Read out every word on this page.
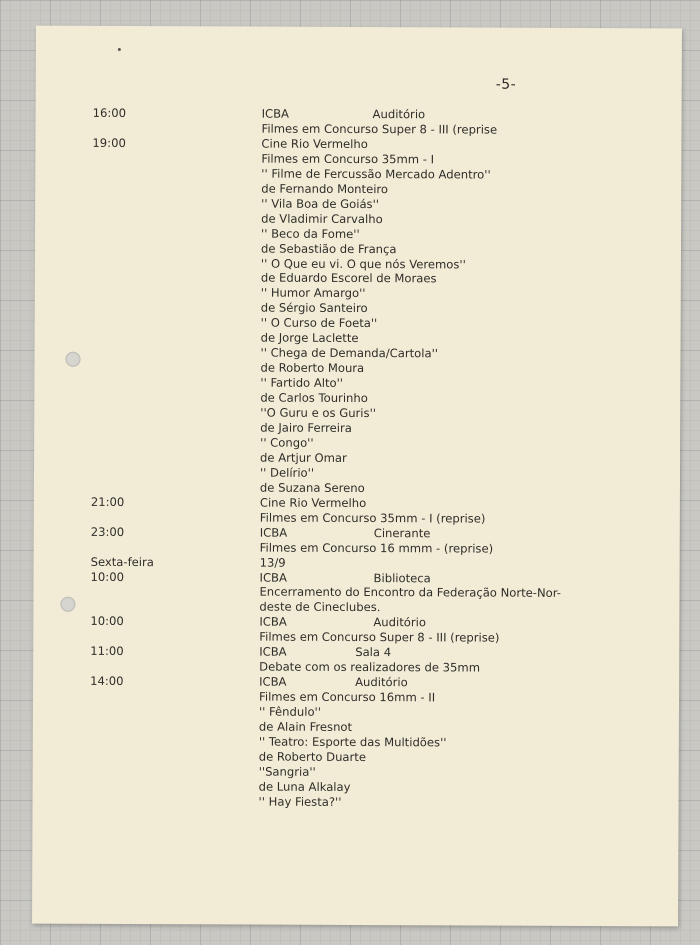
-5-
16:00	ICBA	Auditório
Filmes em Concurso Super 8 - III (reprise
19:00	Cine Rio Vermelho
Filmes em Concurso 35mm - I
'' Filme de Fercussão Mercado Adentro''
de Fernando Monteiro
'' Vila Boa de Goiás''
de Vladimir Carvalho
'' Beco da Fome''
de Sebastião de França
'' O Que eu vi. O que nós Veremos''
de Eduardo Escorel de Moraes
'' Humor Amargo''
de Sérgio Santeiro
'' O Curso de Foeta''
de Jorge Laclette
'' Chega de Demanda/Cartola''
de Roberto Moura
'' Fartido Alto''
de Carlos Tourinho
''O Guru e os Guris''
de Jairo Ferreira
'' Congo''
de Artjur Omar
'' Delírio''
de Suzana Sereno
21:00	Cine Rio Vermelho
Filmes em Concurso 35mm - I (reprise)
23:00	ICBA	Cinerante
Filmes em Concurso 16 mmm - (reprise)
Sexta-feira	13/9
10:00	ICBA	Biblioteca
Encerramento do Encontro da Federação Norte-Nor-
deste de Cineclubes.
10:00	ICBA	Auditório
Filmes em Concurso Super 8 - III (reprise)
11:00	ICBA	Sala 4
Debate com os realizadores de 35mm
14:00	ICBA	Auditório
Filmes em Concurso 16mm - II
'' Fêndulo''
de Alain Fresnot
'' Teatro: Esporte das Multidões''
de Roberto Duarte
''Sangria''
de Luna Alkalay
'' Hay Fiesta?''
